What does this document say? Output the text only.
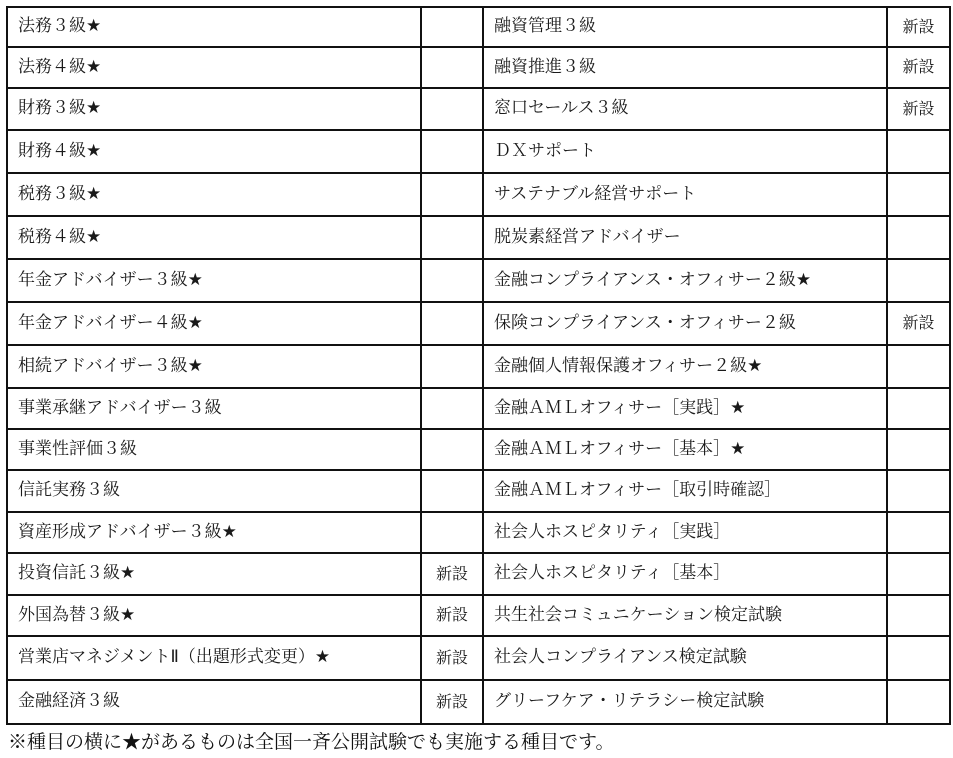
法務３級★		融資管理３級	新設
法務４級★		融資推進３級	新設
財務３級★		窓口セールス３級	新設
財務４級★		ＤＸサポート	
税務３級★		サステナブル経営サポート	
税務４級★		脱炭素経営アドバイザー	
年金アドバイザー３級★		金融コンプライアンス・オフィサー２級★	
年金アドバイザー４級★		保険コンプライアンス・オフィサー２級	新設
相続アドバイザー３級★		金融個人情報保護オフィサー２級★	
事業承継アドバイザー３級		金融ＡＭＬオフィサー［実践］★	
事業性評価３級		金融ＡＭＬオフィサー［基本］★	
信託実務３級		金融ＡＭＬオフィサー［取引時確認］	
資産形成アドバイザー３級★		社会人ホスピタリティ［実践］	
投資信託３級★	新設	社会人ホスピタリティ［基本］	
外国為替３級★	新設	共生社会コミュニケーション検定試験	
営業店マネジメントⅡ（出題形式変更）★	新設	社会人コンプライアンス検定試験	
金融経済３級	新設	グリーフケア・リテラシー検定試験	
※種目の横に★があるものは全国一斉公開試験でも実施する種目です。
